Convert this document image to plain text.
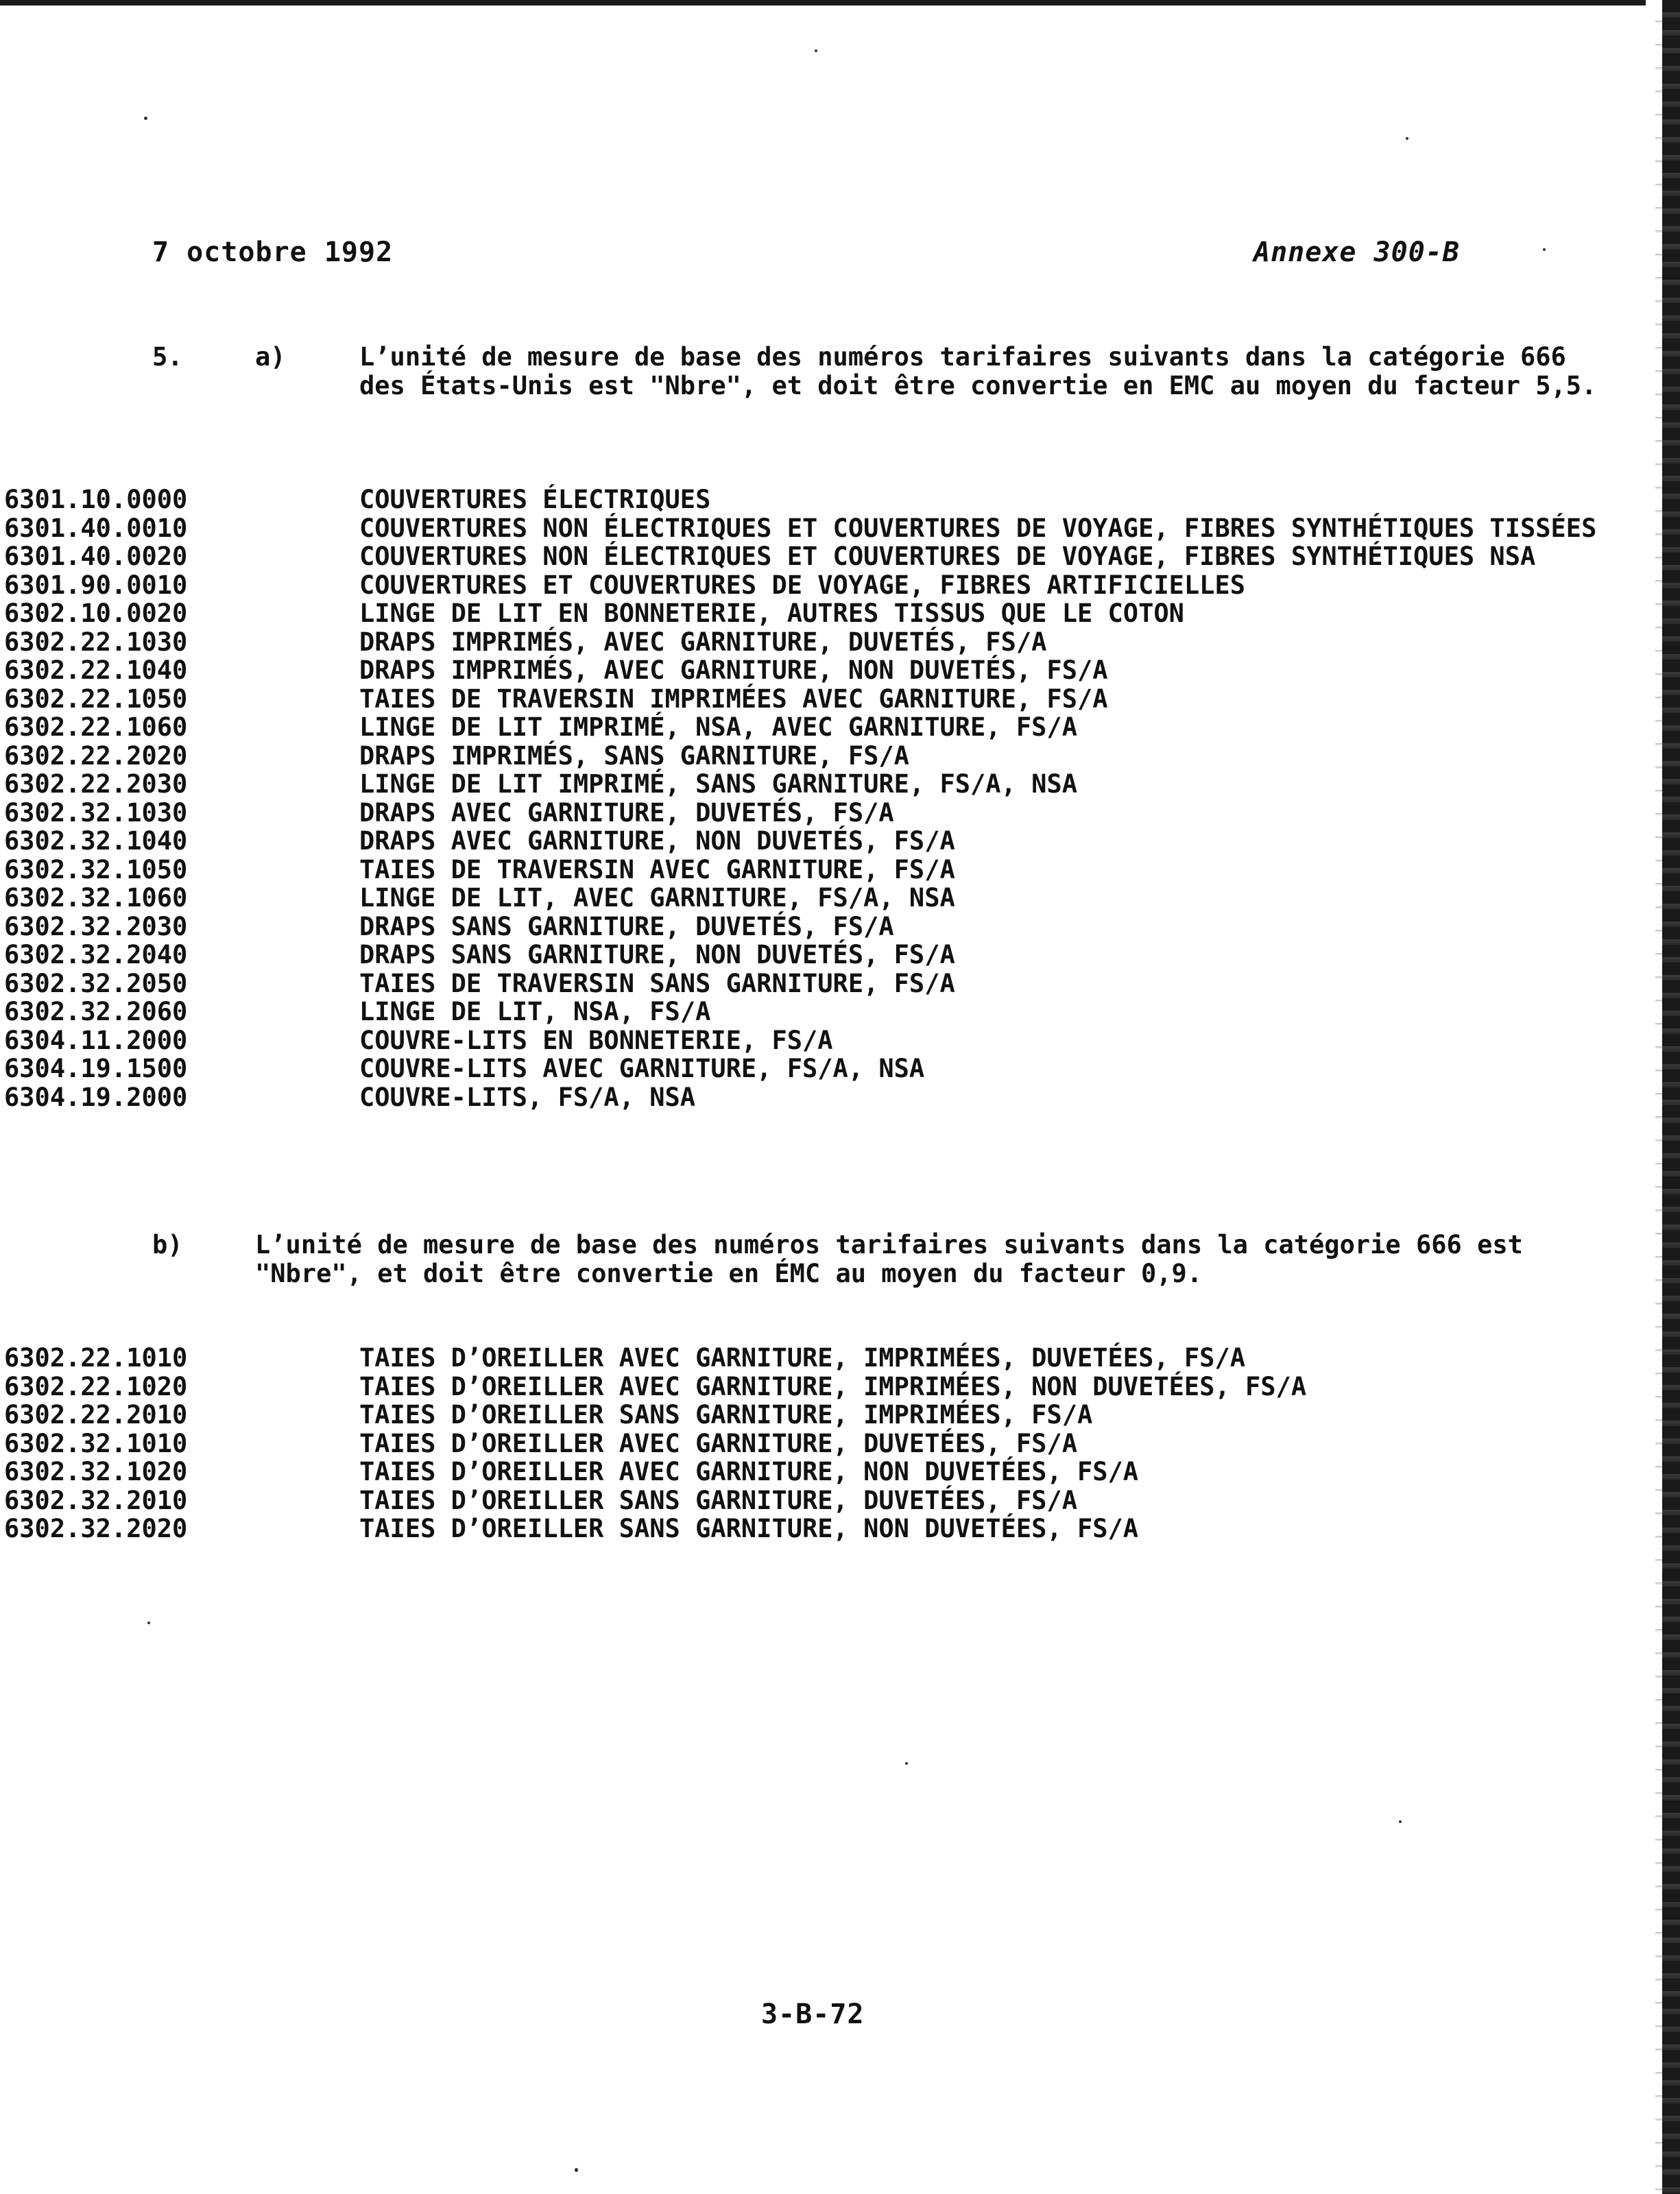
7 octobre 1992	Annexe 300-B
5.	a)	L’unité de mesure de base des numéros tarifaires suivants dans la catégorie 666 des États-Unis est "Nbre", et doit être convertie en EMC au moyen du facteur 5,5.
6301.10.0000	COUVERTURES ÉLECTRIQUES
6301.40.0010	COUVERTURES NON ÉLECTRIQUES ET COUVERTURES DE VOYAGE, FIBRES SYNTHÉTIQUES TISSÉES
6301.40.0020	COUVERTURES NON ÉLECTRIQUES ET COUVERTURES DE VOYAGE, FIBRES SYNTHÉTIQUES NSA
6301.90.0010	COUVERTURES ET COUVERTURES DE VOYAGE, FIBRES ARTIFICIELLES
6302.10.0020	LINGE DE LIT EN BONNETERIE, AUTRES TISSUS QUE LE COTON
6302.22.1030	DRAPS IMPRIMÉS, AVEC GARNITURE, DUVETÉS, FS/A
6302.22.1040	DRAPS IMPRIMÉS, AVEC GARNITURE, NON DUVETÉS, FS/A
6302.22.1050	TAIES DE TRAVERSIN IMPRIMÉES AVEC GARNITURE, FS/A
6302.22.1060	LINGE DE LIT IMPRIMÉ, NSA, AVEC GARNITURE, FS/A
6302.22.2020	DRAPS IMPRIMÉS, SANS GARNITURE, FS/A
6302.22.2030	LINGE DE LIT IMPRIMÉ, SANS GARNITURE, FS/A, NSA
6302.32.1030	DRAPS AVEC GARNITURE, DUVETÉS, FS/A
6302.32.1040	DRAPS AVEC GARNITURE, NON DUVETÉS, FS/A
6302.32.1050	TAIES DE TRAVERSIN AVEC GARNITURE, FS/A
6302.32.1060	LINGE DE LIT, AVEC GARNITURE, FS/A, NSA
6302.32.2030	DRAPS SANS GARNITURE, DUVETÉS, FS/A
6302.32.2040	DRAPS SANS GARNITURE, NON DUVETÉS, FS/A
6302.32.2050	TAIES DE TRAVERSIN SANS GARNITURE, FS/A
6302.32.2060	LINGE DE LIT, NSA, FS/A
6304.11.2000	COUVRE-LITS EN BONNETERIE, FS/A
6304.19.1500	COUVRE-LITS AVEC GARNITURE, FS/A, NSA
6304.19.2000	COUVRE-LITS, FS/A, NSA
b)	L’unité de mesure de base des numéros tarifaires suivants dans la catégorie 666 est "Nbre", et doit être convertie en ÉMC au moyen du facteur 0,9.
6302.22.1010	TAIES D’OREILLER AVEC GARNITURE, IMPRIMÉES, DUVETÉES, FS/A
6302.22.1020	TAIES D’OREILLER AVEC GARNITURE, IMPRIMÉES, NON DUVETÉES, FS/A
6302.22.2010	TAIES D’OREILLER SANS GARNITURE, IMPRIMÉES, FS/A
6302.32.1010	TAIES D’OREILLER AVEC GARNITURE, DUVETÉES, FS/A
6302.32.1020	TAIES D’OREILLER AVEC GARNITURE, NON DUVETÉES, FS/A
6302.32.2010	TAIES D’OREILLER SANS GARNITURE, DUVETÉES, FS/A
6302.32.2020	TAIES D’OREILLER SANS GARNITURE, NON DUVETÉES, FS/A
3-B-72
